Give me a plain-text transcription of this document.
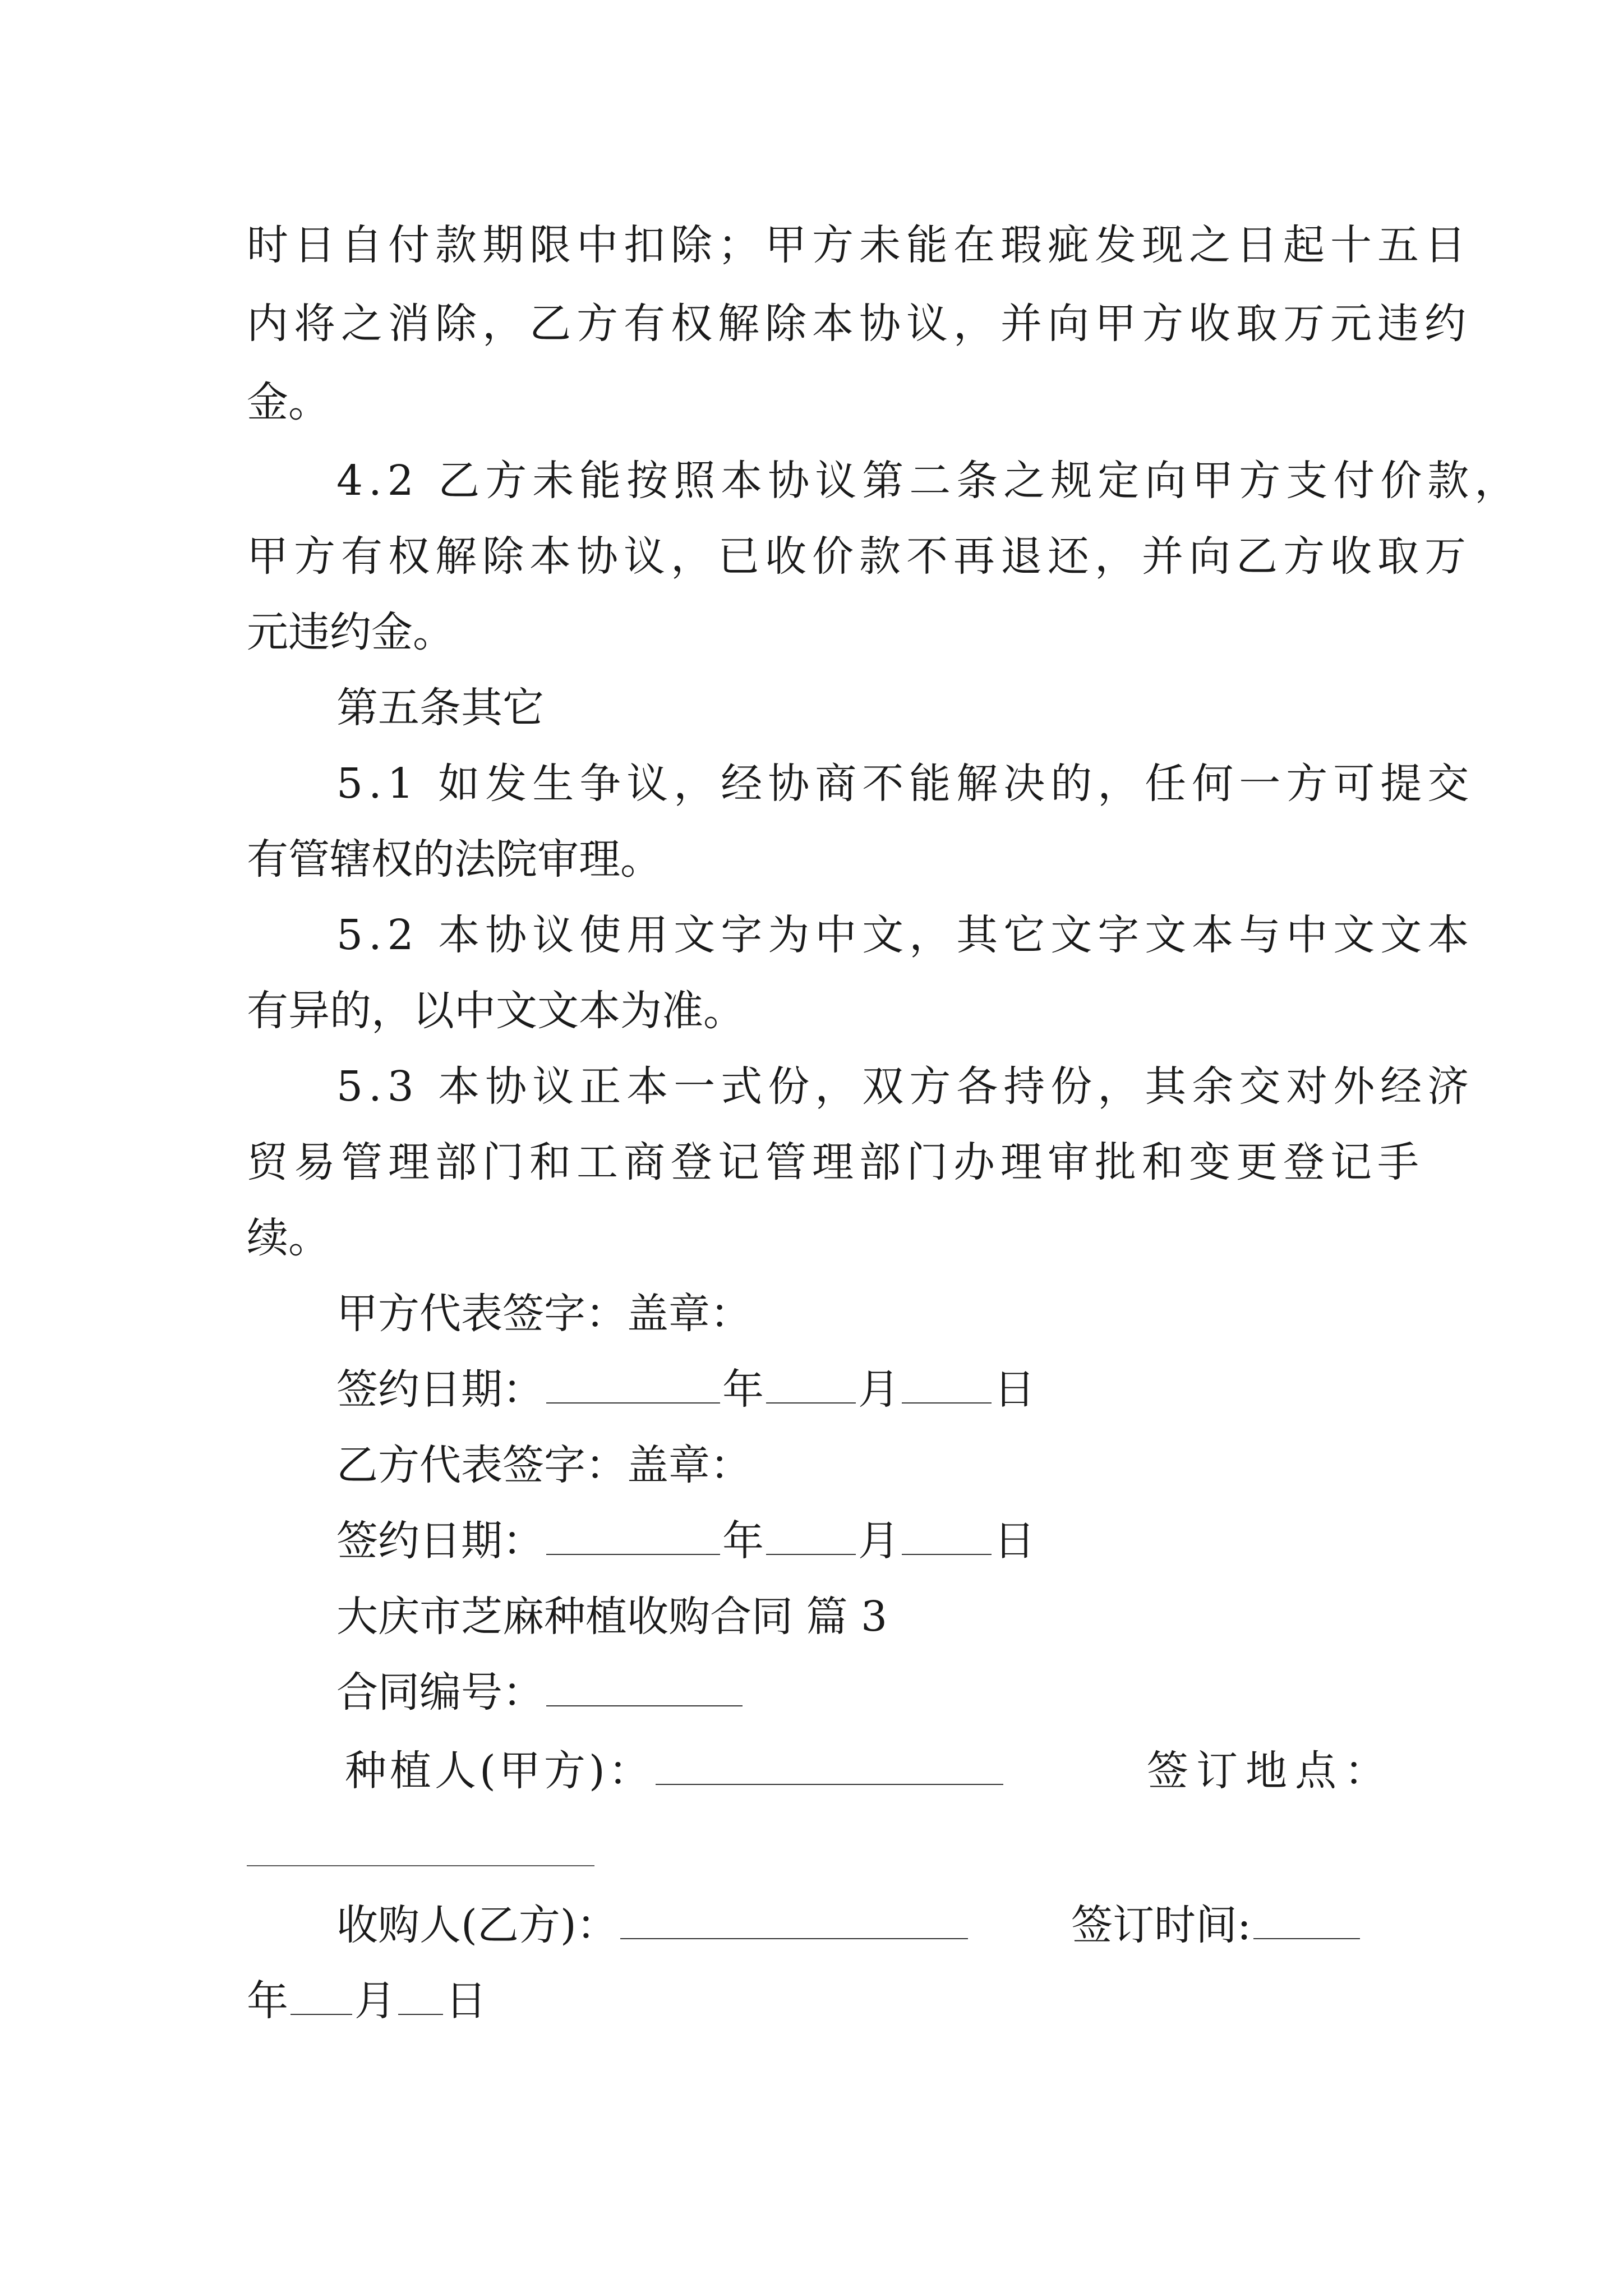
时日自付款期限中扣除；甲方未能在瑕疵发现之日起十五日
内将之消除，乙方有权解除本协议，并向甲方收取万元违约
金。
4.2 乙方未能按照本协议第二条之规定向甲方支付价款，
甲方有权解除本协议，已收价款不再退还，并向乙方收取万
元违约金。
第五条其它
5.1 如发生争议，经协商不能解决的，任何一方可提交
有管辖权的法院审理。
5.2 本协议使用文字为中文，其它文字文本与中文文本
有异的，以中文文本为准。
5.3 本协议正本一式份，双方各持份，其余交对外经济
贸易管理部门和工商登记管理部门办理审批和变更登记手
续。
甲方代表签字：盖章：
签约日期：	年 月 日
乙方代表签字：盖章：
签约日期：	年 月 日
大庆市芝麻种植收购合同 篇 3
合同编号：
种植人(甲方)：	签订地点：
收购人(乙方)：	签订时间:
年 月 日
